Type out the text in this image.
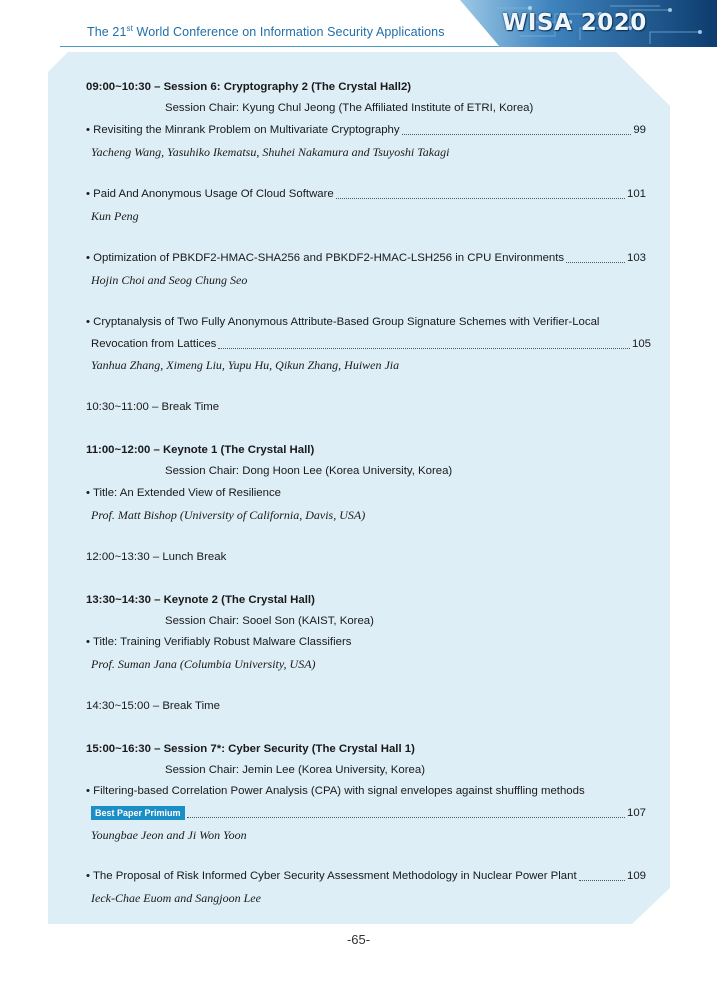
The 21st World Conference on Information Security Applications WISA 2020
09:00~10:30 – Session 6: Cryptography 2 (The Crystal Hall2)
Session Chair: Kyung Chul Jeong (The Affiliated Institute of ETRI, Korea)
• Revisiting the Minrank Problem on Multivariate Cryptography	99
Yacheng Wang, Yasuhiko Ikematsu, Shuhei Nakamura and Tsuyoshi Takagi
• Paid And Anonymous Usage Of Cloud Software	101
Kun Peng
• Optimization of PBKDF2-HMAC-SHA256 and PBKDF2-HMAC-LSH256 in CPU Environments	103
Hojin Choi and Seog Chung Seo
• Cryptanalysis of Two Fully Anonymous Attribute-Based Group Signature Schemes with Verifier-Local
Revocation from Lattices	105
Yanhua Zhang, Ximeng Liu, Yupu Hu, Qikun Zhang, Huiwen Jia
10:30~11:00 – Break Time
11:00~12:00 – Keynote 1 (The Crystal Hall)
Session Chair: Dong Hoon Lee (Korea University, Korea)
• Title: An Extended View of Resilience
Prof. Matt Bishop (University of California, Davis, USA)
12:00~13:30 – Lunch Break
13:30~14:30 – Keynote 2 (The Crystal Hall)
Session Chair: Sooel Son (KAIST, Korea)
• Title: Training Verifiably Robust Malware Classifiers
Prof. Suman Jana (Columbia University, USA)
14:30~15:00 – Break Time
15:00~16:30 – Session 7*: Cyber Security (The Crystal Hall 1)
Session Chair: Jemin Lee (Korea University, Korea)
• Filtering-based Correlation Power Analysis (CPA) with signal envelopes against shuffling methods
Best Paper Primium	107
Youngbae Jeon and Ji Won Yoon
• The Proposal of Risk Informed Cyber Security Assessment Methodology in Nuclear Power Plant	109
Ieck-Chae Euom and Sangjoon Lee
-65-
